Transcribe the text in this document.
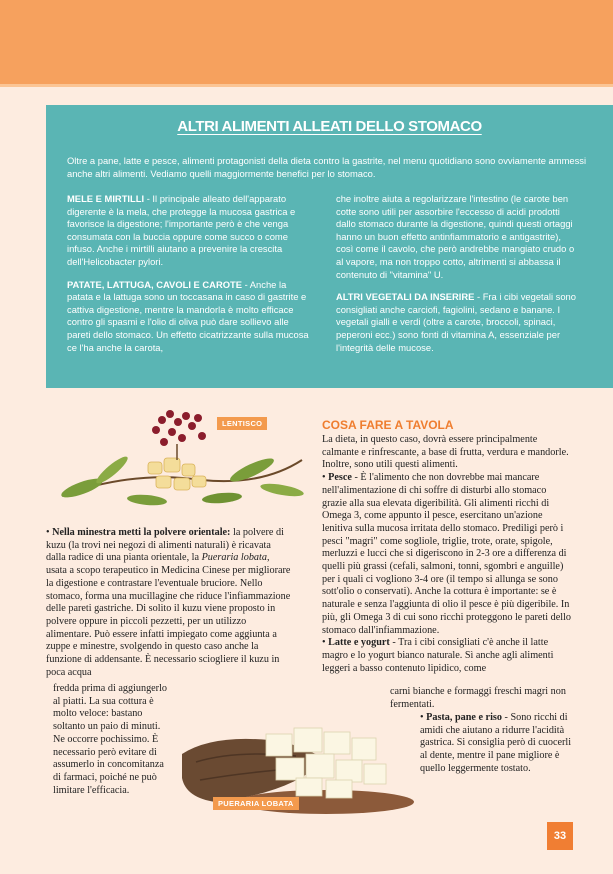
ALTRI ALIMENTI ALLEATI DELLO STOMACO

Oltre a pane, latte e pesce, alimenti protagonisti della dieta contro la gastrite, nel menu quotidiano sono ovviamente ammessi anche altri alimenti. Vediamo quelli maggiormente benefici per lo stomaco.

MELE E MIRTILLI - Il principale alleato dell'apparato digerente è la mela, che protegge la mucosa gastrica e favorisce la digestione; l'importante però è che venga consumata con la buccia oppure come succo o come infuso. Anche i mirtilli aiutano a prevenire la crescita dell'Helicobacter pylori.

PATATE, LATTUGA, CAVOLI E CAROTE - Anche la patata e la lattuga sono un toccasana in caso di gastrite e cattiva digestione, mentre la mandorla è molto efficace contro gli spasmi e l'olio di oliva può dare sollievo alle pareti dello stomaco. Un effetto cicatrizzante sulla mucosa ce l'ha anche la carota,

che inoltre aiuta a regolarizzare l'intestino (le carote ben cotte sono utili per assorbire l'eccesso di acidi prodotti dallo stomaco durante la digestione, quindi questi ortaggi hanno un buon effetto antinfiammatorio e antigastrite), così come il cavolo, che però andrebbe mangiato crudo o al vapore, ma non troppo cotto, altrimenti si abbassa il contenuto di "vitamina" U.

ALTRI VEGETALI DA INSERIRE - Fra i cibi vegetali sono consigliati anche carciofi, fagiolini, sedano e banane. I vegetali gialli e verdi (oltre a carote, broccoli, spinaci, peperoni ecc.) sono fonti di vitamina A, essenziale per l'integrità delle mucose.

LENTISCO

• Nella minestra metti la polvere orientale: la polvere di kuzu (la trovi nei negozi di alimenti naturali) è ricavata dalla radice di una pianta orientale, la Pueraria lobata, usata a scopo terapeutico in Medicina Cinese per migliorare la digestione e contrastare l'eventuale bruciore. Nello stomaco, forma una mucillagine che riduce l'infiammazione delle pareti gastriche. Di solito il kuzu viene proposto in polvere oppure in piccoli pezzetti, per un utilizzo alimentare. Può essere infatti impiegato come aggiunta a zuppe e minestre, svolgendo in questo caso anche la funzione di addensante. È necessario sciogliere il kuzu in poca acqua

fredda prima di aggiungerlo al piatti. La sua cottura è molto veloce: bastano soltanto un paio di minuti. Ne occorre pochissimo. È necessario però evitare di assumerlo in concomitanza di farmaci, poiché ne può limitare l'efficacia.

PUERARIA LOBATA
COSA FARE A TAVOLA

La dieta, in questo caso, dovrà essere principalmente calmante e rinfrescante, a base di frutta, verdura e mandorle. Inoltre, sono utili questi alimenti.

• Pesce - È l'alimento che non dovrebbe mai mancare nell'alimentazione di chi soffre di disturbi allo stomaco grazie alla sua elevata digeribilità. Gli alimenti ricchi di Omega 3, come appunto il pesce, esercitano un'azione lenitiva sulla mucosa irritata dello stomaco. Prediligi però i pesci "magri" come sogliole, triglie, trote, orate, spigole, merluzzi e lucci che si digeriscono in 2-3 ore a differenza di quelli più grassi (cefali, salmoni, tonni, sgombri e anguille) per i quali ci vogliono 3-4 ore (il tempo si allunga se sono sott'olio o conservati). Anche la cottura è importante: se è naturale e senza l'aggiunta di olio il pesce è più digeribile. In più, gli Omega 3 di cui sono ricchi proteggono le pareti dello stomaco dall'infiammazione.

• Latte e yogurt - Tra i cibi consigliati c'è anche il latte magro e lo yogurt bianco naturale. Sì anche agli alimenti leggeri a basso contenuto lipidico, come

carni bianche e formaggi freschi magri non fermentati.

• Pasta, pane e riso - Sono ricchi di amidi che aiutano a ridurre l'acidità gastrica. Si consiglia però di cuocerli al dente, mentre il pane migliore è quello leggermente tostato.

33
